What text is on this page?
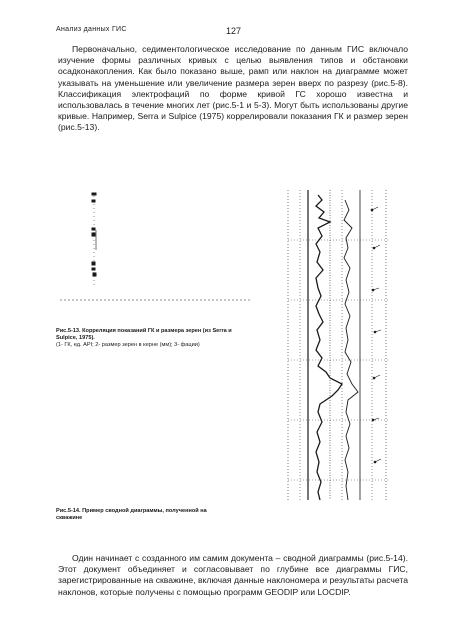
Анализ данных ГИС	127

Первоначально, седиментологическое исследование по данным ГИС включало изучение формы различных кривых с целью выявления типов и обстановки осадконакопления. Как было показано выше, рамп или наклон на диаграмме может указывать на уменьшение или увеличение размера зерен вверх по разрезу (рис.5-8). Классификация электрофаций по форме кривой ГС хорошо известна и использовалась в течение многих лет (рис.5-1 и 5-3). Могут быть использованы другие кривые. Например, Serra и Sulpice (1975) коррелировали показания ГК и размер зерен (рис.5-13).

Рис.5-13. Корреляция показаний ГК и размера зерен (из Serra и Sulpice, 1975).
(1- ГК, ед. API; 2- размер зерен в керне (мм); 3- фации)
Рис.5-14. Пример сводной диаграммы, полученной на скважине

Один начинает с созданного им самим документа – сводной диаграммы (рис.5-14). Этот документ объединяет и согласовывает по глубине все диаграммы ГИС, зарегистрированные на скважине, включая данные наклономера и результаты расчета наклонов, которые получены с помощью программ GEODIP или LOCDIP.
